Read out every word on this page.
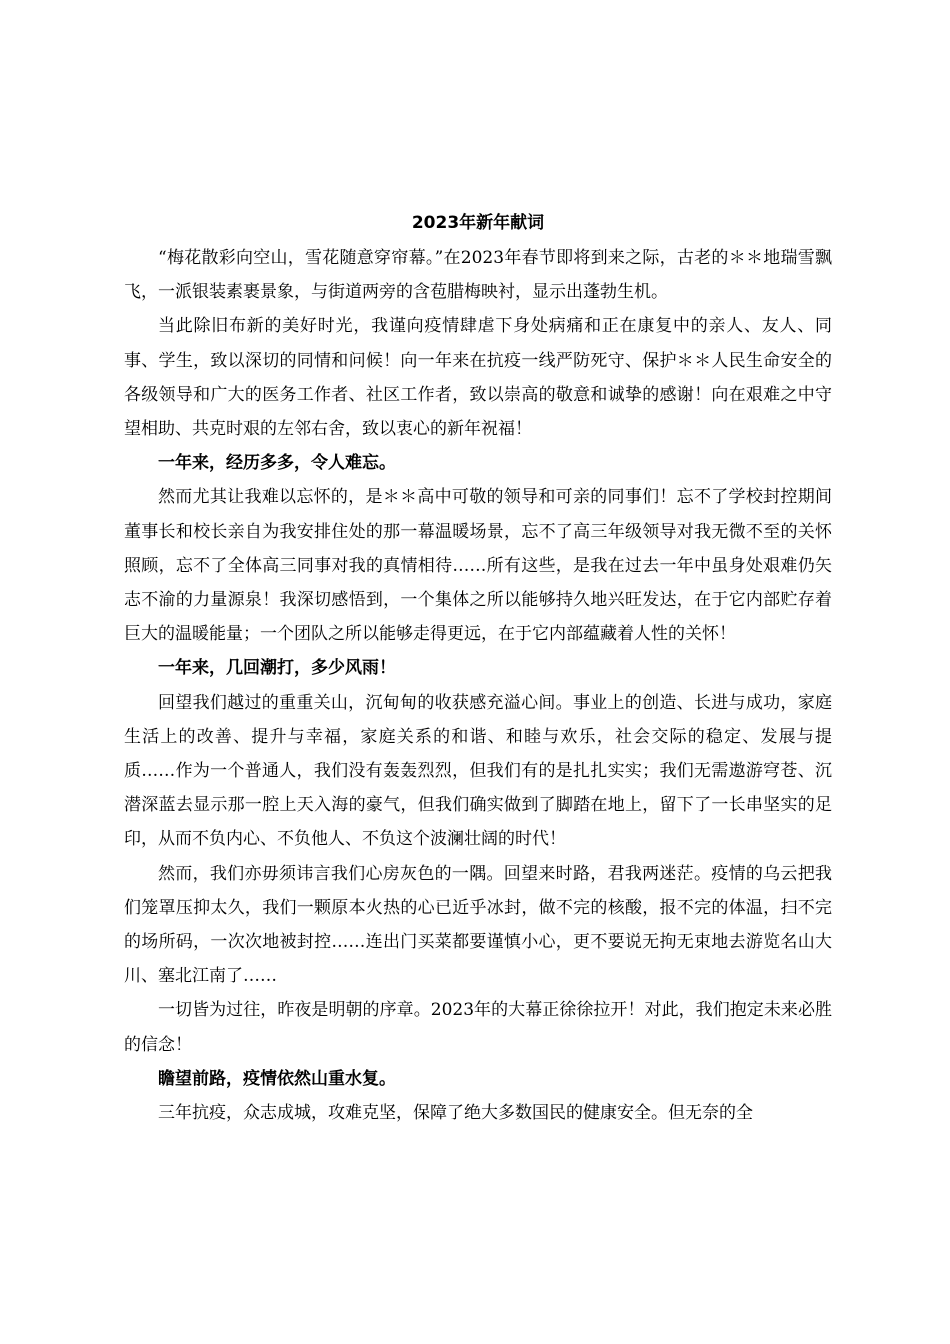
2023年新年献词

“梅花散彩向空山，雪花随意穿帘幕。”在2023年春节即将到来之际，古老的＊＊地瑞雪飘飞，一派银装素裹景象，与街道两旁的含苞腊梅映衬，显示出蓬勃生机。

当此除旧布新的美好时光，我谨向疫情肆虐下身处病痛和正在康复中的亲人、友人、同事、学生，致以深切的同情和问候！向一年来在抗疫一线严防死守、保护＊＊人民生命安全的各级领导和广大的医务工作者、社区工作者，致以崇高的敬意和诚挚的感谢！向在艰难之中守望相助、共克时艰的左邻右舍，致以衷心的新年祝福！

一年来，经历多多，令人难忘。

然而尤其让我难以忘怀的，是＊＊高中可敬的领导和可亲的同事们！忘不了学校封控期间董事长和校长亲自为我安排住处的那一幕温暖场景，忘不了高三年级领导对我无微不至的关怀照顾，忘不了全体高三同事对我的真情相待……所有这些，是我在过去一年中虽身处艰难仍矢志不渝的力量源泉！我深切感悟到，一个集体之所以能够持久地兴旺发达，在于它内部贮存着巨大的温暖能量；一个团队之所以能够走得更远，在于它内部蕴藏着人性的关怀！

一年来，几回潮打，多少风雨！

回望我们越过的重重关山，沉甸甸的收获感充溢心间。事业上的创造、长进与成功，家庭生活上的改善、提升与幸福，家庭关系的和谐、和睦与欢乐，社会交际的稳定、发展与提质……作为一个普通人，我们没有轰轰烈烈，但我们有的是扎扎实实；我们无需遨游穹苍、沉潜深蓝去显示那一腔上天入海的豪气，但我们确实做到了脚踏在地上，留下了一长串坚实的足印，从而不负内心、不负他人、不负这个波澜壮阔的时代！

然而，我们亦毋须讳言我们心房灰色的一隅。回望来时路，君我两迷茫。疫情的乌云把我们笼罩压抑太久，我们一颗原本火热的心已近乎冰封，做不完的核酸，报不完的体温，扫不完的场所码，一次次地被封控……连出门买菜都要谨慎小心，更不要说无拘无束地去游览名山大川、塞北江南了……

一切皆为过往，昨夜是明朝的序章。2023年的大幕正徐徐拉开！对此，我们抱定未来必胜的信念！

瞻望前路，疫情依然山重水复。

三年抗疫，众志成城，攻难克坚，保障了绝大多数国民的健康安全。但无奈的全
